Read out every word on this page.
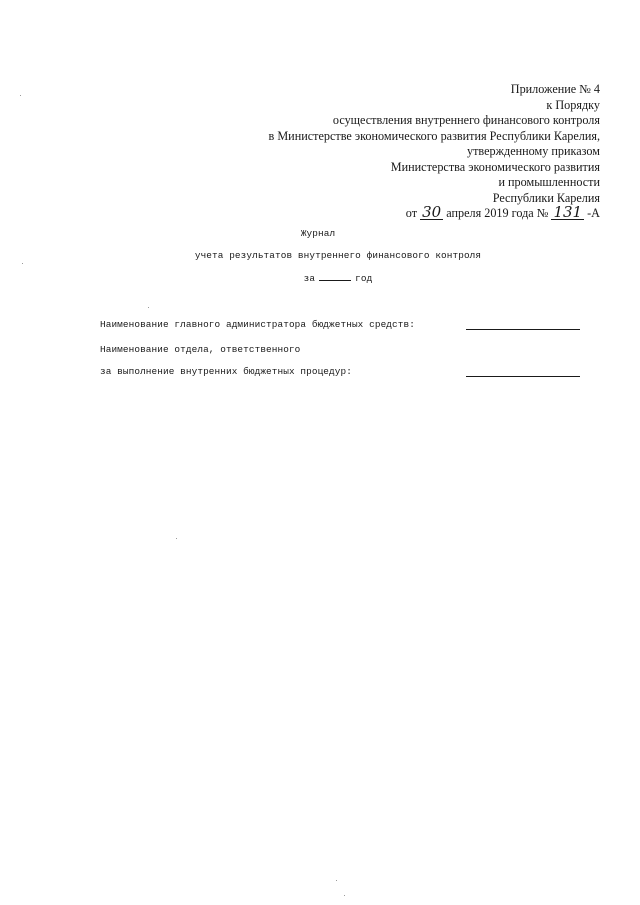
Приложение № 4
к Порядку
осуществления внутреннего финансового контроля
в Министерстве экономического развития Республики Карелия,
утвержденному приказом
Министерства экономического развития
и промышленности
Республики Карелия
от 30 апреля 2019 года № 131 -А
Журнал
учета результатов внутреннего финансового контроля
за	год
Наименование главного администратора бюджетных средств:
Наименование отдела, ответственного
за выполнение внутренних бюджетных процедур:
